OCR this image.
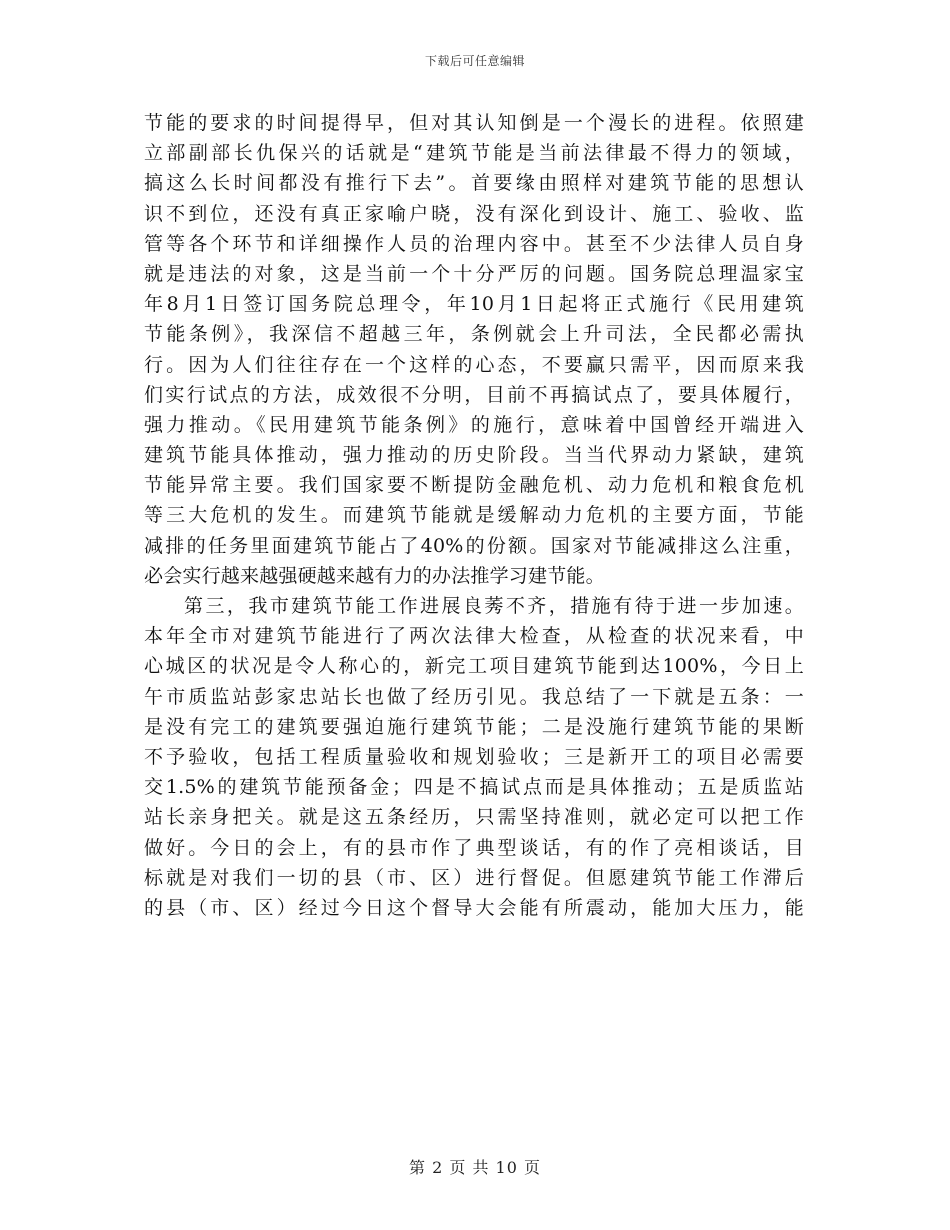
下载后可任意编辑
节能的要求的时间提得早，但对其认知倒是一个漫长的进程。依照建
立部副部长仇保兴的话就是“建筑节能是当前法律最不得力的领域，
搞这么长时间都没有推行下去”。首要缘由照样对建筑节能的思想认
识不到位，还没有真正家喻户晓，没有深化到设计、施工、验收、监
管等各个环节和详细操作人员的治理内容中。甚至不少法律人员自身
就是违法的对象，这是当前一个十分严厉的问题。国务院总理温家宝
年8月1日签订国务院总理令，年10月1日起将正式施行《民用建筑
节能条例》，我深信不超越三年，条例就会上升司法，全民都必需执
行。因为人们往往存在一个这样的心态，不要赢只需平，因而原来我
们实行试点的方法，成效很不分明，目前不再搞试点了，要具体履行，
强力推动。《民用建筑节能条例》的施行，意味着中国曾经开端进入
建筑节能具体推动，强力推动的历史阶段。当当代界动力紧缺，建筑
节能异常主要。我们国家要不断提防金融危机、动力危机和粮食危机
等三大危机的发生。而建筑节能就是缓解动力危机的主要方面，节能
减排的任务里面建筑节能占了40%的份额。国家对节能减排这么注重，
必会实行越来越强硬越来越有力的办法推学习建节能。
第三，我市建筑节能工作进展良莠不齐，措施有待于进一步加速。
本年全市对建筑节能进行了两次法律大检查，从检查的状况来看，中
心城区的状况是令人称心的，新完工项目建筑节能到达100%，今日上
午市质监站彭家忠站长也做了经历引见。我总结了一下就是五条：一
是没有完工的建筑要强迫施行建筑节能；二是没施行建筑节能的果断
不予验收，包括工程质量验收和规划验收；三是新开工的项目必需要
交1.5%的建筑节能预备金；四是不搞试点而是具体推动；五是质监站
站长亲身把关。就是这五条经历，只需坚持准则，就必定可以把工作
做好。今日的会上，有的县市作了典型谈话，有的作了亮相谈话，目
标就是对我们一切的县（市、区）进行督促。但愿建筑节能工作滞后
的县（市、区）经过今日这个督导大会能有所震动，能加大压力，能
第 2 页 共 10 页
